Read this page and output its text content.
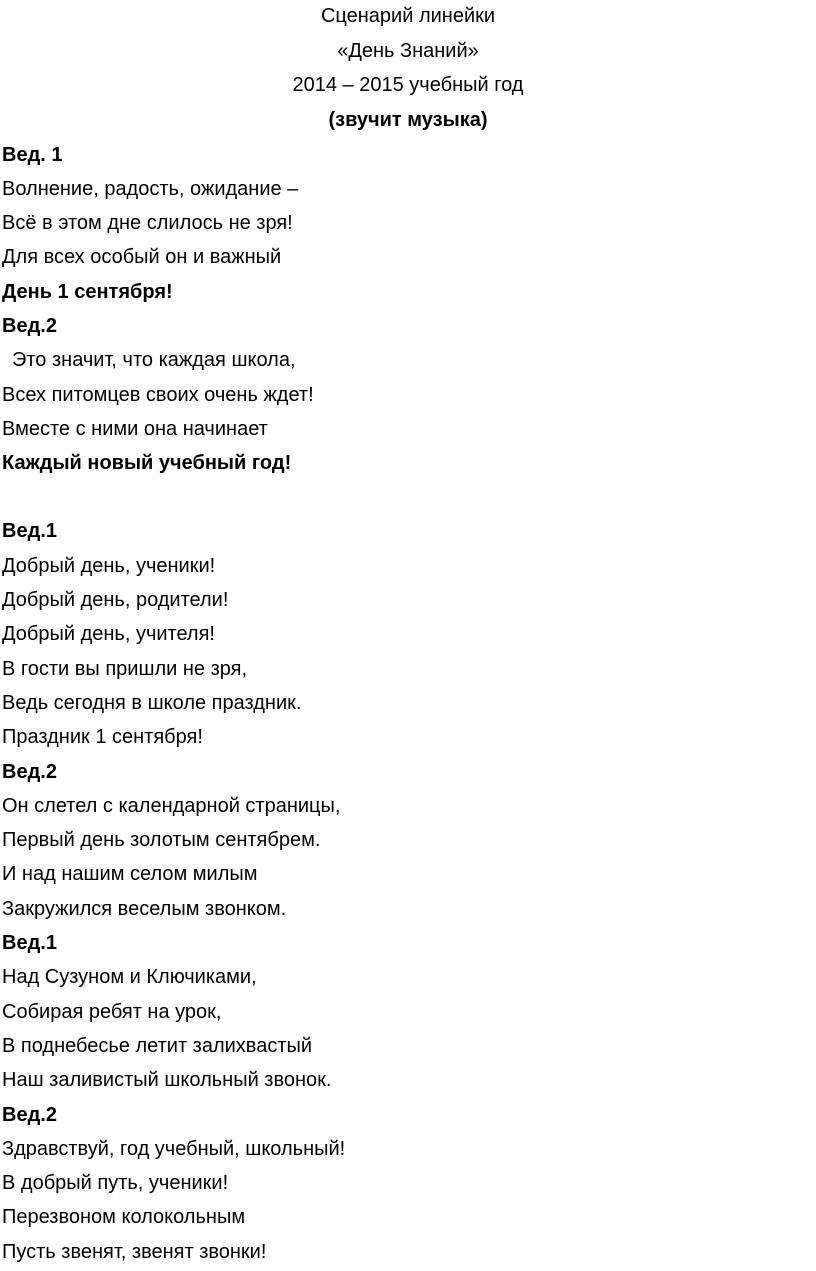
Сценарий линейки
«День Знаний»
2014 – 2015 учебный год
(звучит музыка)
Вед. 1
Волнение, радость, ожидание –
Всё в этом дне слилось не зря!
Для всех особый он и важный
День 1 сентября!
Вед.2
Это значит, что каждая школа,
Всех питомцев своих очень ждет!
Вместе с ними она начинает
Каждый новый учебный год!
Вед.1
Добрый день, ученики!
Добрый день, родители!
Добрый день, учителя!
В гости вы пришли не зря,
Ведь сегодня в школе праздник.
Праздник 1 сентября!
Вед.2
Он слетел с календарной страницы,
Первый день золотым сентябрем.
И над нашим селом милым
Закружился веселым звонком.
Вед.1
Над Сузуном и Ключиками,
Собирая ребят на урок,
В поднебесье летит залихвастый
Наш заливистый школьный звонок.
Вед.2
Здравствуй, год учебный, школьный!
В добрый путь, ученики!
Перезвоном колокольным
Пусть звенят, звенят звонки!
